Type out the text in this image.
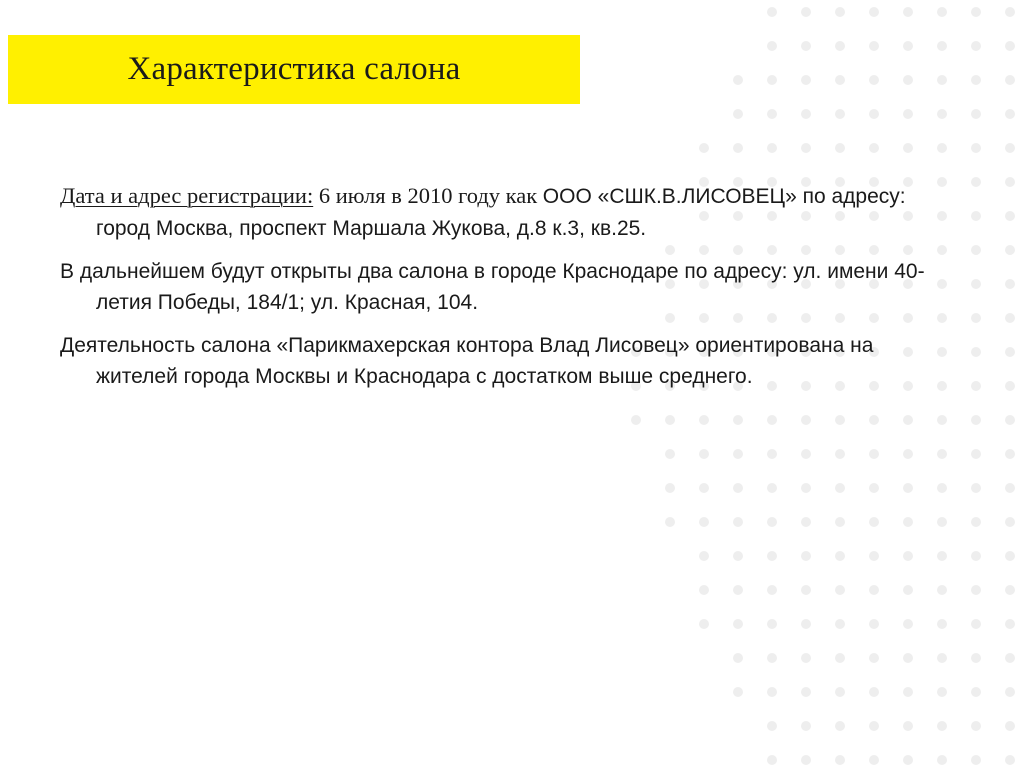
Характеристика салона

Дата и адрес регистрации: 6 июля в 2010 году как ООО «СШК.В.ЛИСОВЕЦ» по адресу: город Москва, проспект Маршала Жукова, д.8 к.3, кв.25.

В дальнейшем будут открыты два салона в городе Краснодаре по адресу: ул. имени 40-летия Победы, 184/1; ул. Красная, 104.

Деятельность салона «Парикмахерская контора Влад Лисовец» ориентирована на жителей города Москвы и Краснодара с достатком выше среднего.
